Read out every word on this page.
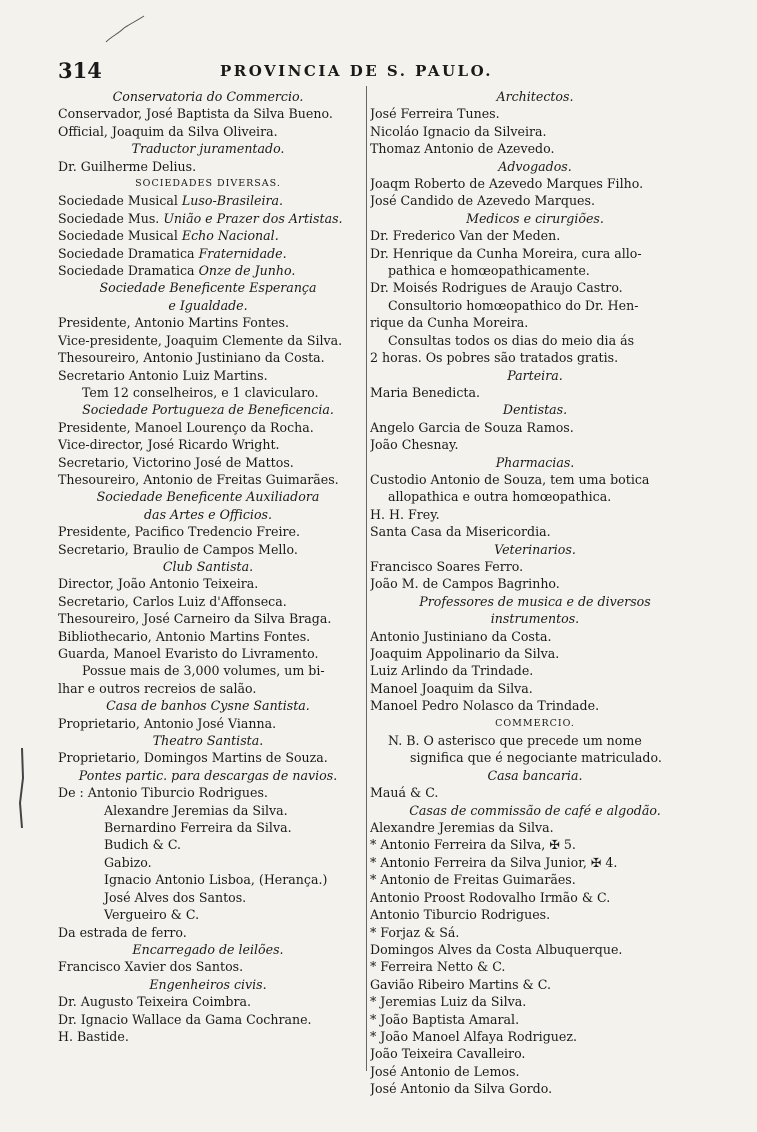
314	PROVINCIA DE S. PAULO.
Conservatoria do Commercio.
Conservador, José Baptista da Silva Bueno.
Official, Joaquim da Silva Oliveira.
Traductor juramentado.
Dr. Guilherme Delius.
SOCIEDADES DIVERSAS.
Sociedade Musical Luso-Brasileira.
Sociedade Mus. União e Prazer dos Artistas.
Sociedade Musical Echo Nacional.
Sociedade Dramatica Fraternidade.
Sociedade Dramatica Onze de Junho.
Sociedade Beneficente Esperança
e Igualdade.
Presidente, Antonio Martins Fontes.
Vice-presidente, Joaquim Clemente da Silva.
Thesoureiro, Antonio Justiniano da Costa.
Secretario Antonio Luiz Martins.
Tem 12 conselheiros, e 1 clavicularo.
Sociedade Portugueza de Beneficencia.
Presidente, Manoel Lourenço da Rocha.
Vice-director, José Ricardo Wright.
Secretario, Victorino José de Mattos.
Thesoureiro, Antonio de Freitas Guimarães.
Sociedade Beneficente Auxiliadora
das Artes e Officios.
Presidente, Pacifico Tredencio Freire.
Secretario, Braulio de Campos Mello.
Club Santista.
Director, João Antonio Teixeira.
Secretario, Carlos Luiz d'Affonseca.
Thesoureiro, José Carneiro da Silva Braga.
Bibliothecario, Antonio Martins Fontes.
Guarda, Manoel Evaristo do Livramento.
Possue mais de 3,000 volumes, um bi-
lhar e outros recreios de salão.
Casa de banhos Cysne Santista.
Proprietario, Antonio José Vianna.
Theatro Santista.
Proprietario, Domingos Martins de Souza.
Pontes partic. para descargas de navios.
De : Antonio Tiburcio Rodrigues.
Alexandre Jeremias da Silva.
Bernardino Ferreira da Silva.
Budich & C.
Gabizo.
Ignacio Antonio Lisboa, (Herança.)
José Alves dos Santos.
Vergueiro & C.
Da estrada de ferro.
Encarregado de leilões.
Francisco Xavier dos Santos.
Engenheiros civis.
Dr. Augusto Teixeira Coimbra.
Dr. Ignacio Wallace da Gama Cochrane.
H. Bastide.
Architectos.
José Ferreira Tunes.
Nicoláo Ignacio da Silveira.
Thomaz Antonio de Azevedo.
Advogados.
Joaqm Roberto de Azevedo Marques Filho.
José Candido de Azevedo Marques.
Medicos e cirurgiões.
Dr. Frederico Van der Meden.
Dr. Henrique da Cunha Moreira, cura allo-
pathica e homœopathicamente.
Dr. Moisés Rodrigues de Araujo Castro.
Consultorio homœopathico do Dr. Hen-
rique da Cunha Moreira.
Consultas todos os dias do meio dia ás
2 horas. Os pobres são tratados gratis.
Parteira.
Maria Benedicta.
Dentistas.
Angelo Garcia de Souza Ramos.
João Chesnay.
Pharmacias.
Custodio Antonio de Souza, tem uma botica
allopathica e outra homœopathica.
H. H. Frey.
Santa Casa da Misericordia.
Veterinarios.
Francisco Soares Ferro.
João M. de Campos Bagrinho.
Professores de musica e de diversos
instrumentos.
Antonio Justiniano da Costa.
Joaquim Appolinario da Silva.
Luiz Arlindo da Trindade.
Manoel Joaquim da Silva.
Manoel Pedro Nolasco da Trindade.
COMMERCIO.
N. B. O asterisco que precede um nome
significa que é negociante matriculado.
Casa bancaria.
Mauá & C.
Casas de commissão de café e algodão.
Alexandre Jeremias da Silva.
* Antonio Ferreira da Silva, ✠ 5.
* Antonio Ferreira da Silva Junior, ✠ 4.
* Antonio de Freitas Guimarães.
Antonio Proost Rodovalho Irmão & C.
Antonio Tiburcio Rodrigues.
* Forjaz & Sá.
Domingos Alves da Costa Albuquerque.
* Ferreira Netto & C.
Gavião Ribeiro Martins & C.
* Jeremias Luiz da Silva.
* João Baptista Amaral.
* João Manoel Alfaya Rodriguez.
João Teixeira Cavalleiro.
José Antonio de Lemos.
José Antonio da Silva Gordo.
